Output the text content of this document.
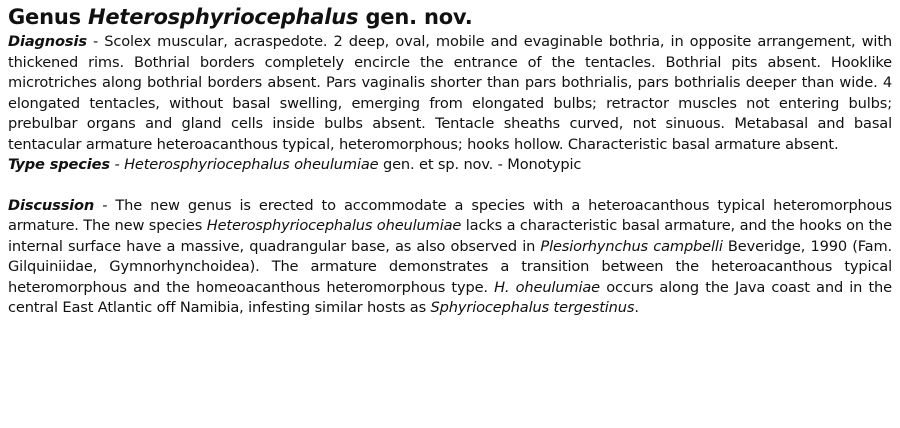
Genus Heterosphyriocephalus gen. nov.

Diagnosis - Scolex muscular, acraspedote. 2 deep, oval, mobile and evaginable bothria, in opposite arrangement, with thickened rims. Bothrial borders completely encircle the entrance of the tentacles. Bothrial pits absent. Hooklike microtriches along bothrial borders absent. Pars vaginalis shorter than pars bothrialis, pars bothrialis deeper than wide. 4 elongated tentacles, without basal swelling, emerging from elongated bulbs; retractor muscles not entering bulbs; prebulbar organs and gland cells inside bulbs absent. Tentacle sheaths curved, not sinuous. Metabasal and basal tentacular armature heteroacanthous typical, heteromorphous; hooks hollow. Characteristic basal armature absent.
Type species - Heterosphyriocephalus oheulumiae gen. et sp. nov. - Monotypic

Discussion - The new genus is erected to accommodate a species with a heteroacanthous typical heteromorphous armature. The new species Heterosphyriocephalus oheulumiae lacks a characteristic basal armature, and the hooks on the internal surface have a massive, quadrangular base, as also observed in Plesiorhynchus campbelli Beveridge, 1990 (Fam. Gilquiniidae, Gymnorhynchoidea). The armature demonstrates a transition between the heteroacanthous typical heteromorphous and the homeoacanthous heteromorphous type. H. oheulumiae occurs along the Java coast and in the central East Atlantic off Namibia, infesting similar hosts as Sphyriocephalus tergestinus.
